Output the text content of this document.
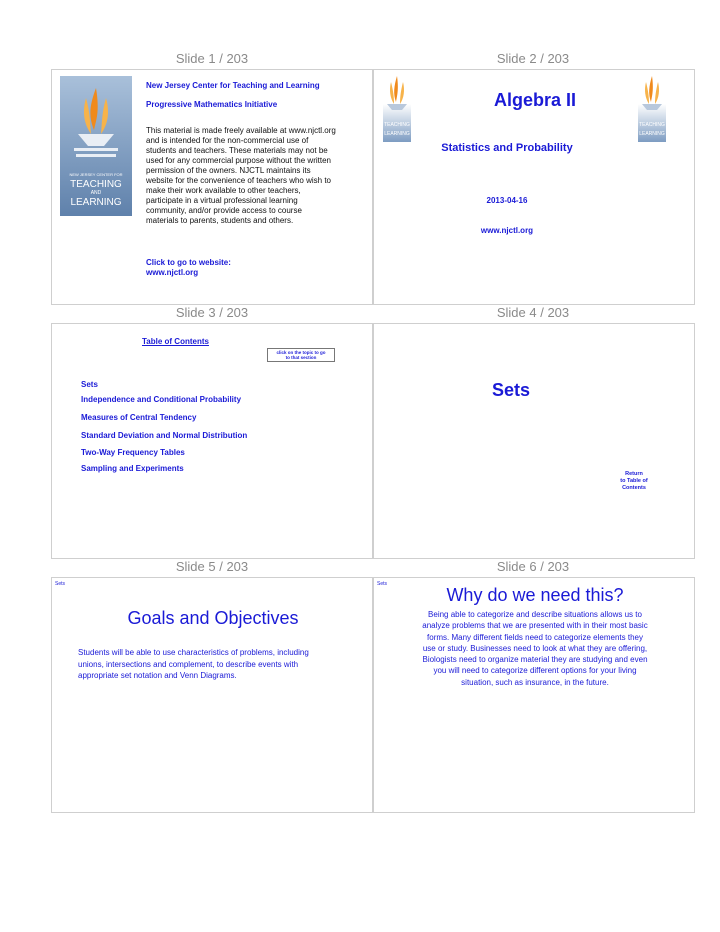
Slide 1 / 203	Slide 2 / 203
Slide 3 / 203	Slide 4 / 203
Slide 5 / 203	Slide 6 / 203
NEW JERSEY CENTER FOR
TEACHING
AND
LEARNING
New Jersey Center for Teaching and Learning
Progressive Mathematics Initiative
This material is made freely available at www.njctl.org
and is intended for the non-commercial use of
students and teachers. These materials may not be
used for any commercial purpose without the written
permission of the owners. NJCTL maintains its
website for the convenience of teachers who wish to
make their work available to other teachers,
participate in a virtual professional learning
community, and/or provide access to course
materials to parents, students and others.
Click to go to website:
www.njctl.org
TEACHING
LEARNING
TEACHING
LEARNING
Algebra II
Statistics and Probability
2013-04-16
www.njctl.org
Table of Contents
click on the topic to go
to that section
Sets
Independence and Conditional Probability
Measures of Central Tendency
Standard Deviation and Normal Distribution
Two-Way Frequency Tables
Sampling and Experiments
Sets
Return
to Table of
Contents
Sets
Goals and Objectives
Students will be able to use characteristics of problems, including
unions, intersections and complement, to describe events with
appropriate set notation and Venn Diagrams.
Sets
Why do we need this?
Being able to categorize and describe situations allows us to
analyze problems that we are presented with in their most basic
forms. Many different fields need to categorize elements they
use or study. Businesses need to look at what they are offering,
Biologists need to organize material they are studying and even
you will need to categorize different options for your living
situation, such as insurance, in the future.
